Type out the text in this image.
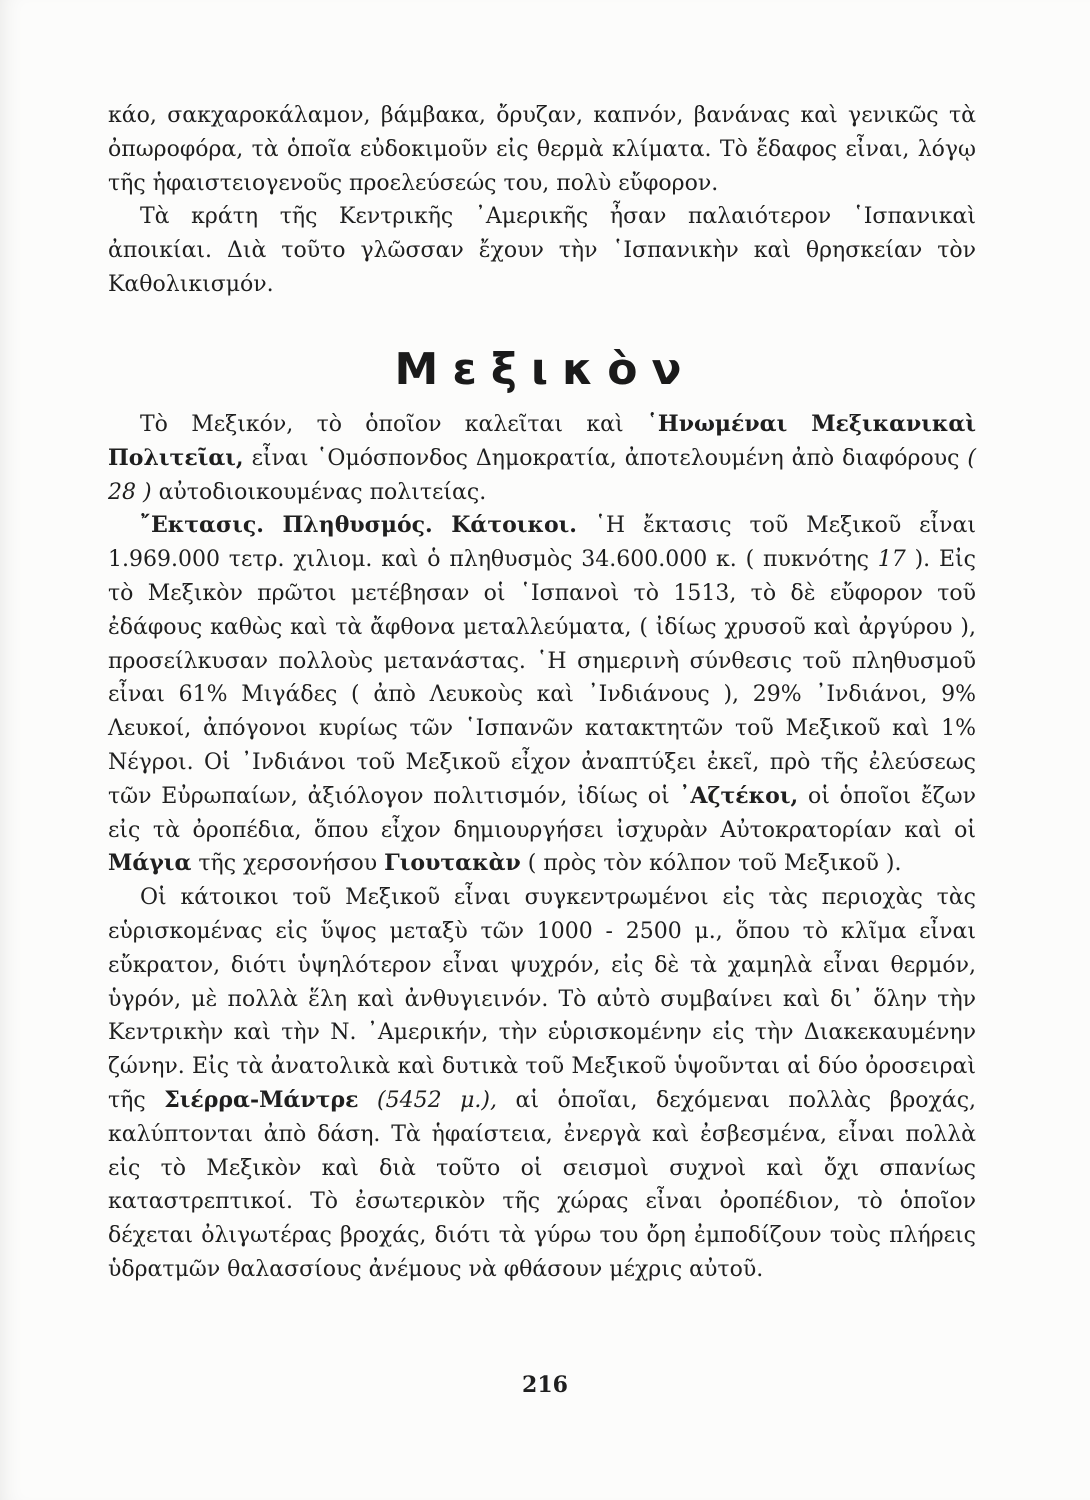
κάο, σακχαροκάλαμον, βάμβακα, ὄρυζαν, καπνόν, βανάνας καὶ γενικῶς τὰ ὀπωροφόρα, τὰ ὁποῖα εὐδοκιμοῦν εἰς θερμὰ κλίματα. Τὸ ἔδαφος εἶναι, λόγῳ τῆς ἡφαιστειογενοῦς προελεύσεώς του, πολὺ εὔφορον.

Τὰ κράτη τῆς Κεντρικῆς ᾿Αμερικῆς ἦσαν παλαιότερον ῾Ισπανικαὶ ἀποικίαι. Διὰ τοῦτο γλῶσσαν ἔχουν τὴν ῾Ισπανικὴν καὶ θρησκείαν τὸν Καθολικισμόν.

Μεξικὸν

Τὸ Μεξικόν, τὸ ὁποῖον καλεῖται καὶ ῾Ηνωμέναι Μεξικανικαὶ Πολιτεῖαι, εἶναι ῾Ομόσπονδος Δημοκρατία, ἀποτελουμένη ἀπὸ διαφόρους ( 28 ) αὐτοδιοικουμένας πολιτείας.

῎Εκτασις. Πληθυσμός. Κάτοικοι. ῾Η ἔκτασις τοῦ Μεξικοῦ εἶναι 1.969.000 τετρ. χιλιομ. καὶ ὁ πληθυσμὸς 34.600.000 κ. ( πυκνότης 17 ). Εἰς τὸ Μεξικὸν πρῶτοι μετέβησαν οἱ ῾Ισπανοὶ τὸ 1513, τὸ δὲ εὔφορον τοῦ ἐδάφους καθὼς καὶ τὰ ἄφθονα μεταλλεύματα, ( ἰδίως χρυσοῦ καὶ ἀργύρου ), προσείλκυσαν πολλοὺς μετανάστας. ῾Η σημερινὴ σύνθεσις τοῦ πληθυσμοῦ εἶναι 61% Μιγάδες ( ἀπὸ Λευκοὺς καὶ ᾿Ινδιάνους ), 29% ᾿Ινδιάνοι, 9% Λευκοί, ἀπόγονοι κυρίως τῶν ῾Ισπανῶν κατακτητῶν τοῦ Μεξικοῦ καὶ 1% Νέγροι. Οἱ ᾿Ινδιάνοι τοῦ Μεξικοῦ εἶχον ἀναπτύξει ἐκεῖ, πρὸ τῆς ἐλεύσεως τῶν Εὐρωπαίων, ἀξιόλογον πολιτισμόν, ἰδίως οἱ ᾿Αζτέκοι, οἱ ὁποῖοι ἔζων εἰς τὰ ὀροπέδια, ὅπου εἶχον δημιουργήσει ἰσχυρὰν Αὐτοκρατορίαν καὶ οἱ Μάγια τῆς χερσονήσου Γιουτακὰν ( πρὸς τὸν κόλπον τοῦ Μεξικοῦ ).

Οἱ κάτοικοι τοῦ Μεξικοῦ εἶναι συγκεντρωμένοι εἰς τὰς περιοχὰς τὰς εὑρισκομένας εἰς ὕψος μεταξὺ τῶν 1000 - 2500 μ., ὅπου τὸ κλῖμα εἶναι εὔκρατον, διότι ὑψηλότερον εἶναι ψυχρόν, εἰς δὲ τὰ χαμηλὰ εἶναι θερμόν, ὑγρόν, μὲ πολλὰ ἕλη καὶ ἀνθυγιεινόν. Τὸ αὐτὸ συμβαίνει καὶ δι᾿ ὅλην τὴν Κεντρικὴν καὶ τὴν Ν. ᾿Αμερικήν, τὴν εὑρισκομένην εἰς τὴν Διακεκαυμένην ζώνην. Εἰς τὰ ἀνατολικὰ καὶ δυτικὰ τοῦ Μεξικοῦ ὑψοῦνται αἱ δύο ὀροσειραὶ τῆς Σιέρρα-Μάντρε (5452 μ.), αἱ ὁποῖαι, δεχόμεναι πολλὰς βροχάς, καλύπτονται ἀπὸ δάση. Τὰ ἡφαίστεια, ἐνεργὰ καὶ ἐσβεσμένα, εἶναι πολλὰ εἰς τὸ Μεξικὸν καὶ διὰ τοῦτο οἱ σεισμοὶ συχνοὶ καὶ ὄχι σπανίως καταστρεπτικοί. Τὸ ἐσωτερικὸν τῆς χώρας εἶναι ὀροπέδιον, τὸ ὁποῖον δέχεται ὀλιγωτέρας βροχάς, διότι τὰ γύρω του ὄρη ἐμποδίζουν τοὺς πλήρεις ὑδρατμῶν θαλασσίους ἀνέμους νὰ φθάσουν μέχρις αὐτοῦ.

216
